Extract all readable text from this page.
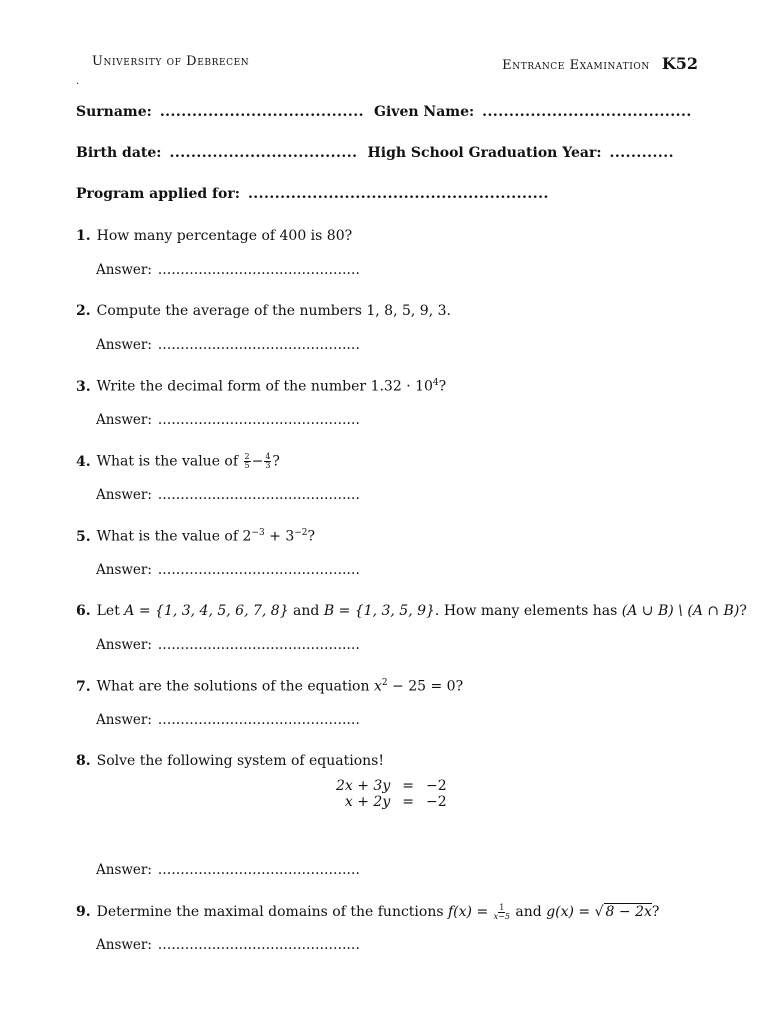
University of Debrecen	Entrance Examination K52
.
Surname: ...................................... Given Name: .......................................
Birth date: ................................... High School Graduation Year: ............
Program applied for: ........................................................
1. How many percentage of 400 is 80?
Answer: .............................................
2. Compute the average of the numbers 1, 8, 5, 9, 3.
Answer: .............................................
3. Write the decimal form of the number $1.32 \cdot 10^4$?
Answer: .............................................
4. What is the value of $\frac{2}{5} - \frac{4}{3}$ ?
Answer: .............................................
5. What is the value of $2^{-3} + 3^{-2}$?
Answer: .............................................
6. Let A = {1, 3, 4, 5, 6, 7, 8} and B = {1, 3, 5, 9}. How many elements has (A ∪ B) \ (A ∩ B)?
Answer: .............................................
7. What are the solutions of the equation $x^2 - 25 = 0$?
Answer: .............................................
8. Solve the following system of equations!
2x + 3y	=	−2
x + 2y	=	−2
Answer: .............................................
9. Determine the maximal domains of the functions $f(x) = \frac{1}{x-5}$ and g(x) = √ 8 − 2x?
Answer: .............................................
